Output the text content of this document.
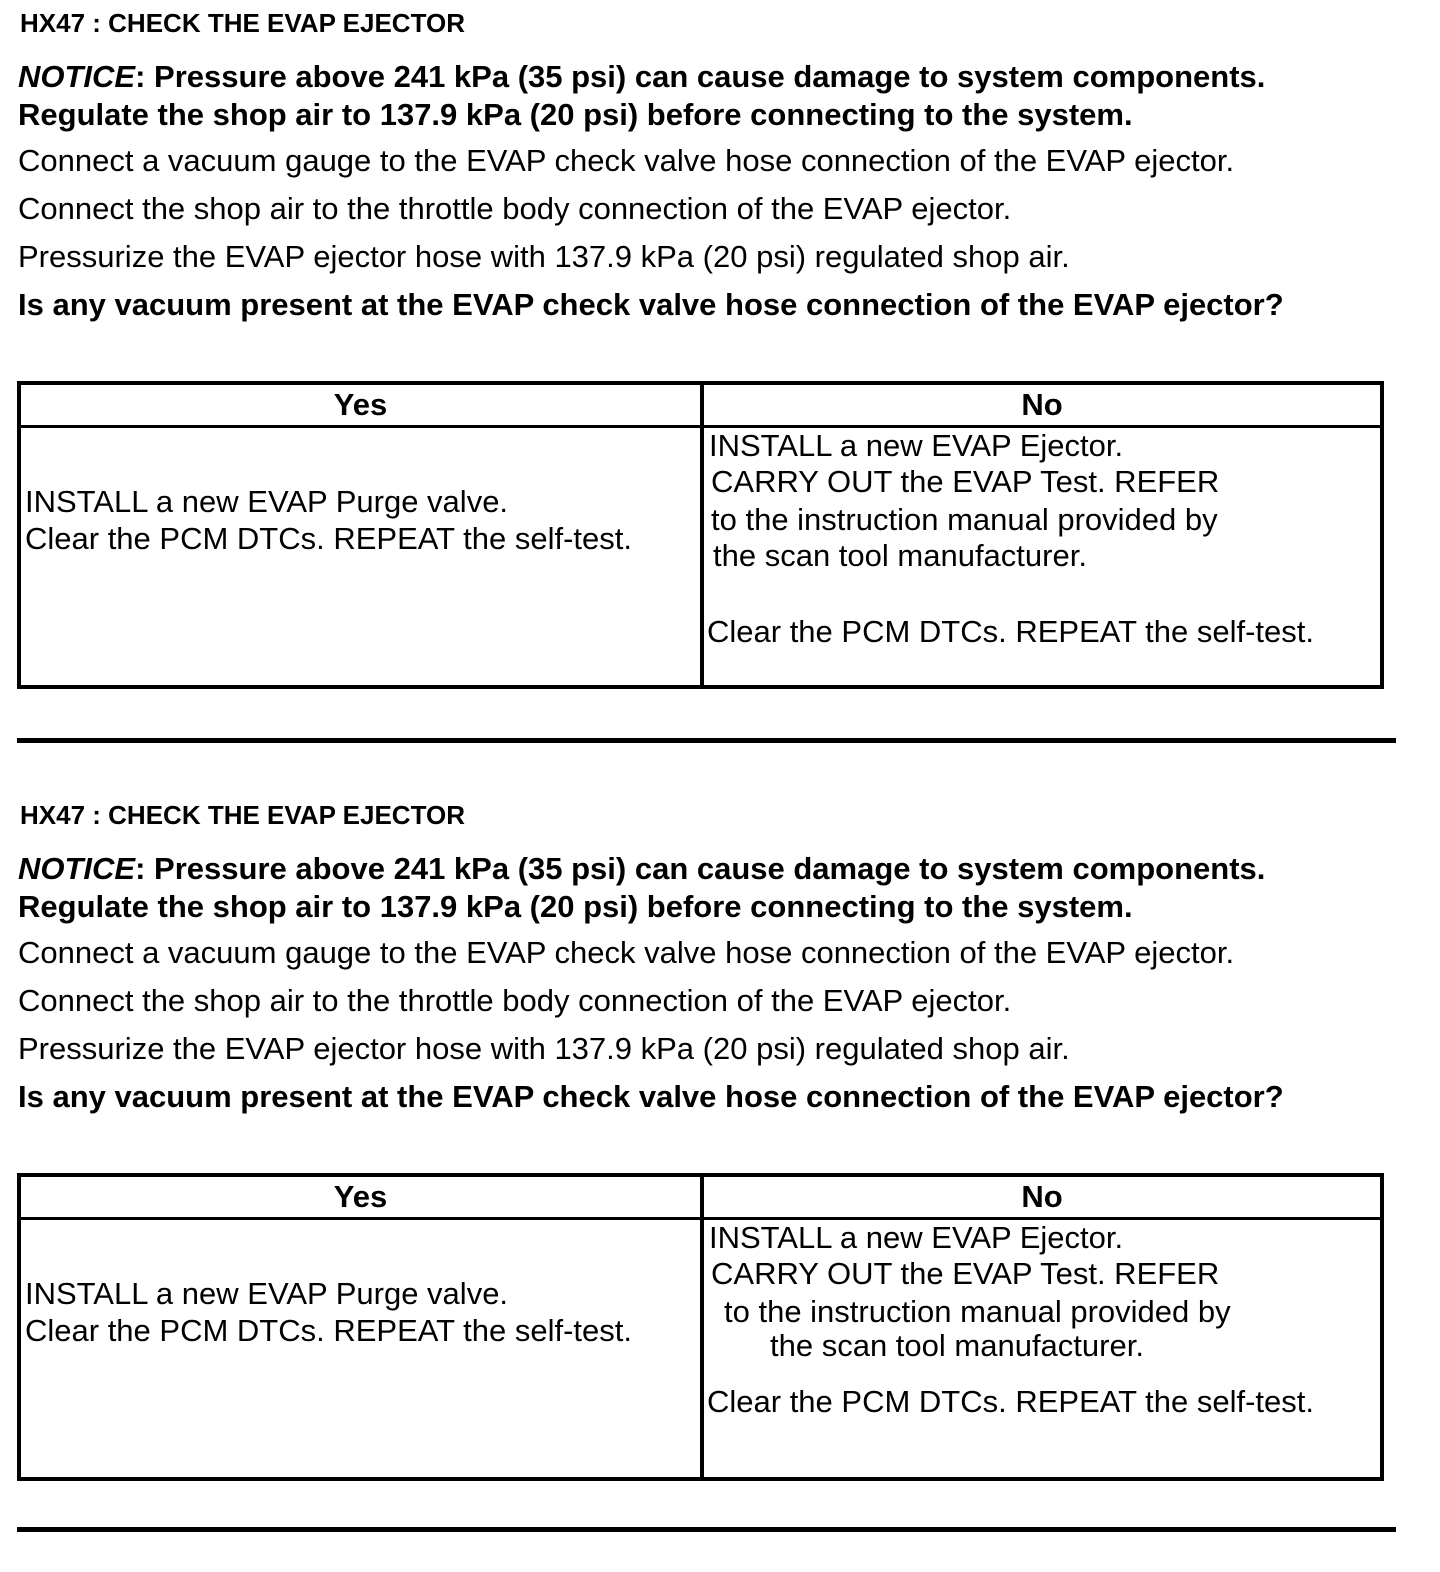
HX47 : CHECK THE EVAP EJECTOR
NOTICE: Pressure above 241 kPa (35 psi) can cause damage to system components.
Regulate the shop air to 137.9 kPa (20 psi) before connecting to the system.
Connect a vacuum gauge to the EVAP check valve hose connection of the EVAP ejector.
Connect the shop air to the throttle body connection of the EVAP ejector.
Pressurize the EVAP ejector hose with 137.9 kPa (20 psi) regulated shop air.
Is any vacuum present at the EVAP check valve hose connection of the EVAP ejector?
Yes	No
INSTALL a new EVAP Purge valve.
Clear the PCM DTCs. REPEAT the self-test.
INSTALL a new EVAP Ejector.
CARRY OUT the EVAP Test. REFER
to the instruction manual provided by
the scan tool manufacturer.
Clear the PCM DTCs. REPEAT the self-test.
HX47 : CHECK THE EVAP EJECTOR
NOTICE: Pressure above 241 kPa (35 psi) can cause damage to system components.
Regulate the shop air to 137.9 kPa (20 psi) before connecting to the system.
Connect a vacuum gauge to the EVAP check valve hose connection of the EVAP ejector.
Connect the shop air to the throttle body connection of the EVAP ejector.
Pressurize the EVAP ejector hose with 137.9 kPa (20 psi) regulated shop air.
Is any vacuum present at the EVAP check valve hose connection of the EVAP ejector?
Yes	No
INSTALL a new EVAP Purge valve.
Clear the PCM DTCs. REPEAT the self-test.
INSTALL a new EVAP Ejector.
CARRY OUT the EVAP Test. REFER
to the instruction manual provided by
the scan tool manufacturer.
Clear the PCM DTCs. REPEAT the self-test.
